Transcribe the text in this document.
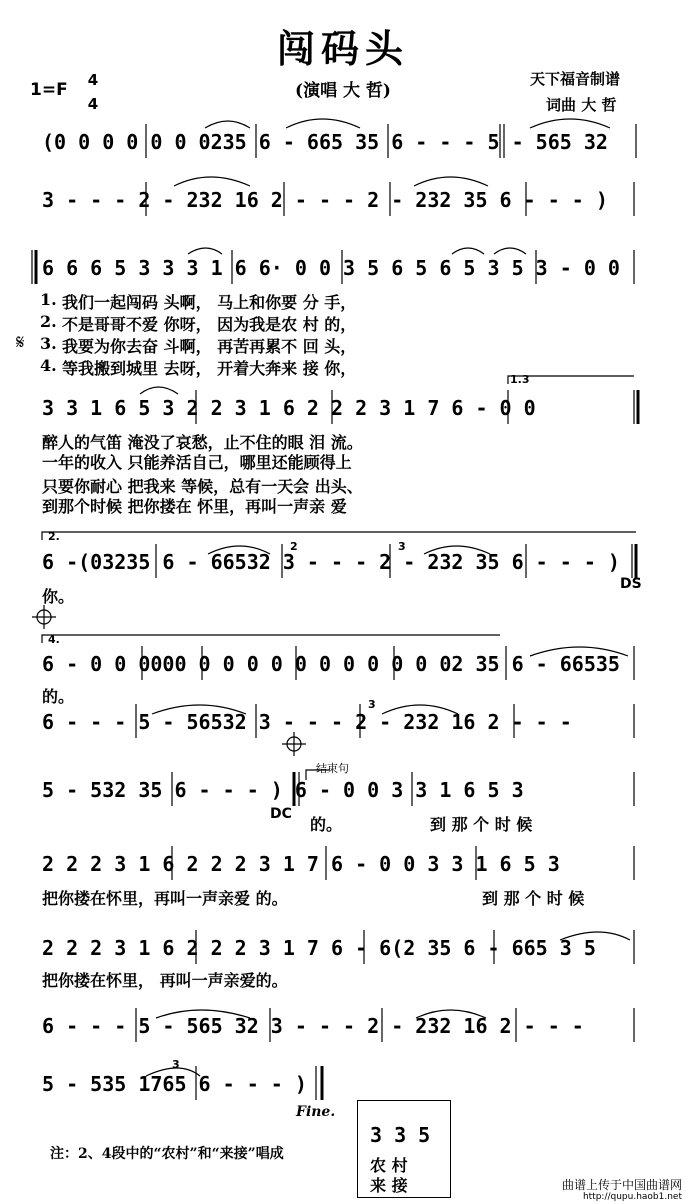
闯码头
(演唱 大 哲)
天下福音制谱
词曲 大 哲
1=F 4
4
(0 0 0 0 0 0 0235 6 - 665 35 6 - - - 5 - 565 32
3 - - - 2 - 232 16 2 - - - 2 - 232 35 6 - - - )
6 6 6 5 3 3 3 1 6 6· 0 0 3 5 6 5 6 5 3 5 3 - 0 0
3 3 1 6 5 3 2 2 3 1 6 2 2 2 3 1 7 6 - 0 0
6 -(03235 6 - 66532 3 - - - 2 - 232 35 6 - - - )
6 - 0 0 0000 0 0 0 0 0 0 0 0 0 0 02 35 6 - 66535
6 - - - 5 - 56532 3 - - - 2 - 232 16 2 - - -
5 - 532 35 6 - - - ) 6 - 0 0 3 3 1 6 5 3
2 2 2 3 1 6 2 2 2 3 1 7 6 - 0 0 3 3 1 6 5 3
2 2 2 3 1 6 2 2 2 3 1 7 6 - 6(2 35 6 - 665 3 5
6 - - - 5 - 565 32 3 - - - 2 - 232 16 2 - - -
5 - 535 1765 6 - - - )
1. 我们一起闯码 头啊， 马上和你要 分 手，
2. 不是哥哥不爱 你呀， 因为我是农 村 的，
3. 我要为你去奋 斗啊， 再苦再累不 回 头，
4. 等我搬到城里 去呀， 开着大奔来 接 你，
醉人的气笛 淹没了哀愁，止不住的眼 泪 流。
一年的收入 只能养活自己，哪里还能顾得上
只要你耐心 把我来 等候，总有一天会 出头、
到那个时候 把你搂在 怀里，再叫一声亲 爱
你。
的。
的。	到 那 个 时 候
把你搂在怀里，再叫一声亲爱 的。	到 那 个 时 候
把你搂在怀里， 再叫一声亲爱的。
1.3
2.
4.
2	3
3
3
DS
DC
结束句
Fine.
𝄋
注：2、4段中的“农村”和“来接”唱成
3 3 5
农 村
来 接	曲谱上传于中国曲谱网
http://qupu.haob1.net
